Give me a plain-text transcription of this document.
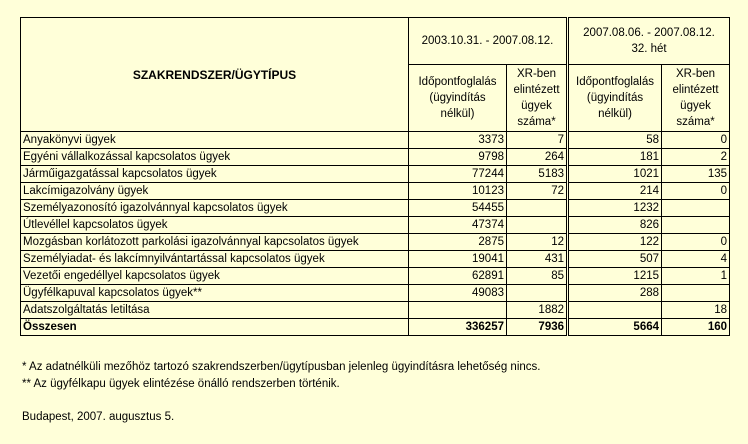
SZAKRENDSZER/ÜGYTÍPUS	2003.10.31. - 2007.08.12.		2007.08.06. - 2007.08.12.
32. hét	

	Időpontfoglalás (ügyindítás nélkül)	XR-ben elintézett ügyek száma*	Időpontfoglalás (ügyindítás nélkül)	XR-ben elintézett ügyek száma*
Anyakönyvi ügyek	3373	7	58	0
Egyéni vállalkozással kapcsolatos ügyek	9798	264	181	2
Járműigazgatással kapcsolatos ügyek	77244	5183	1021	135
Lakcímigazolvány ügyek	10123	72	214	0
Személyazonosító igazolvánnyal kapcsolatos ügyek	54455		1232	
Útlevéllel kapcsolatos ügyek	47374		826	
Mozgásban korlátozott parkolási igazolvánnyal kapcsolatos ügyek	2875	12	122	0
Személyiadat- és lakcímnyilvántartással kapcsolatos ügyek	19041	431	507	4
Vezetői engedéllyel kapcsolatos ügyek	62891	85	1215	1
Ügyfélkapuval kapcsolatos ügyek**	49083		288	
Adatszolgáltatás letiltása		1882		18
Összesen	336257	7936	5664	160
* Az adatnélküli mezőhöz tartozó szakrendszerben/ügytípusban jelenleg ügyindításra lehetőség nincs.
** Az ügyfélkapu ügyek elintézése önálló rendszerben történik.
Budapest, 2007. augusztus 5.
